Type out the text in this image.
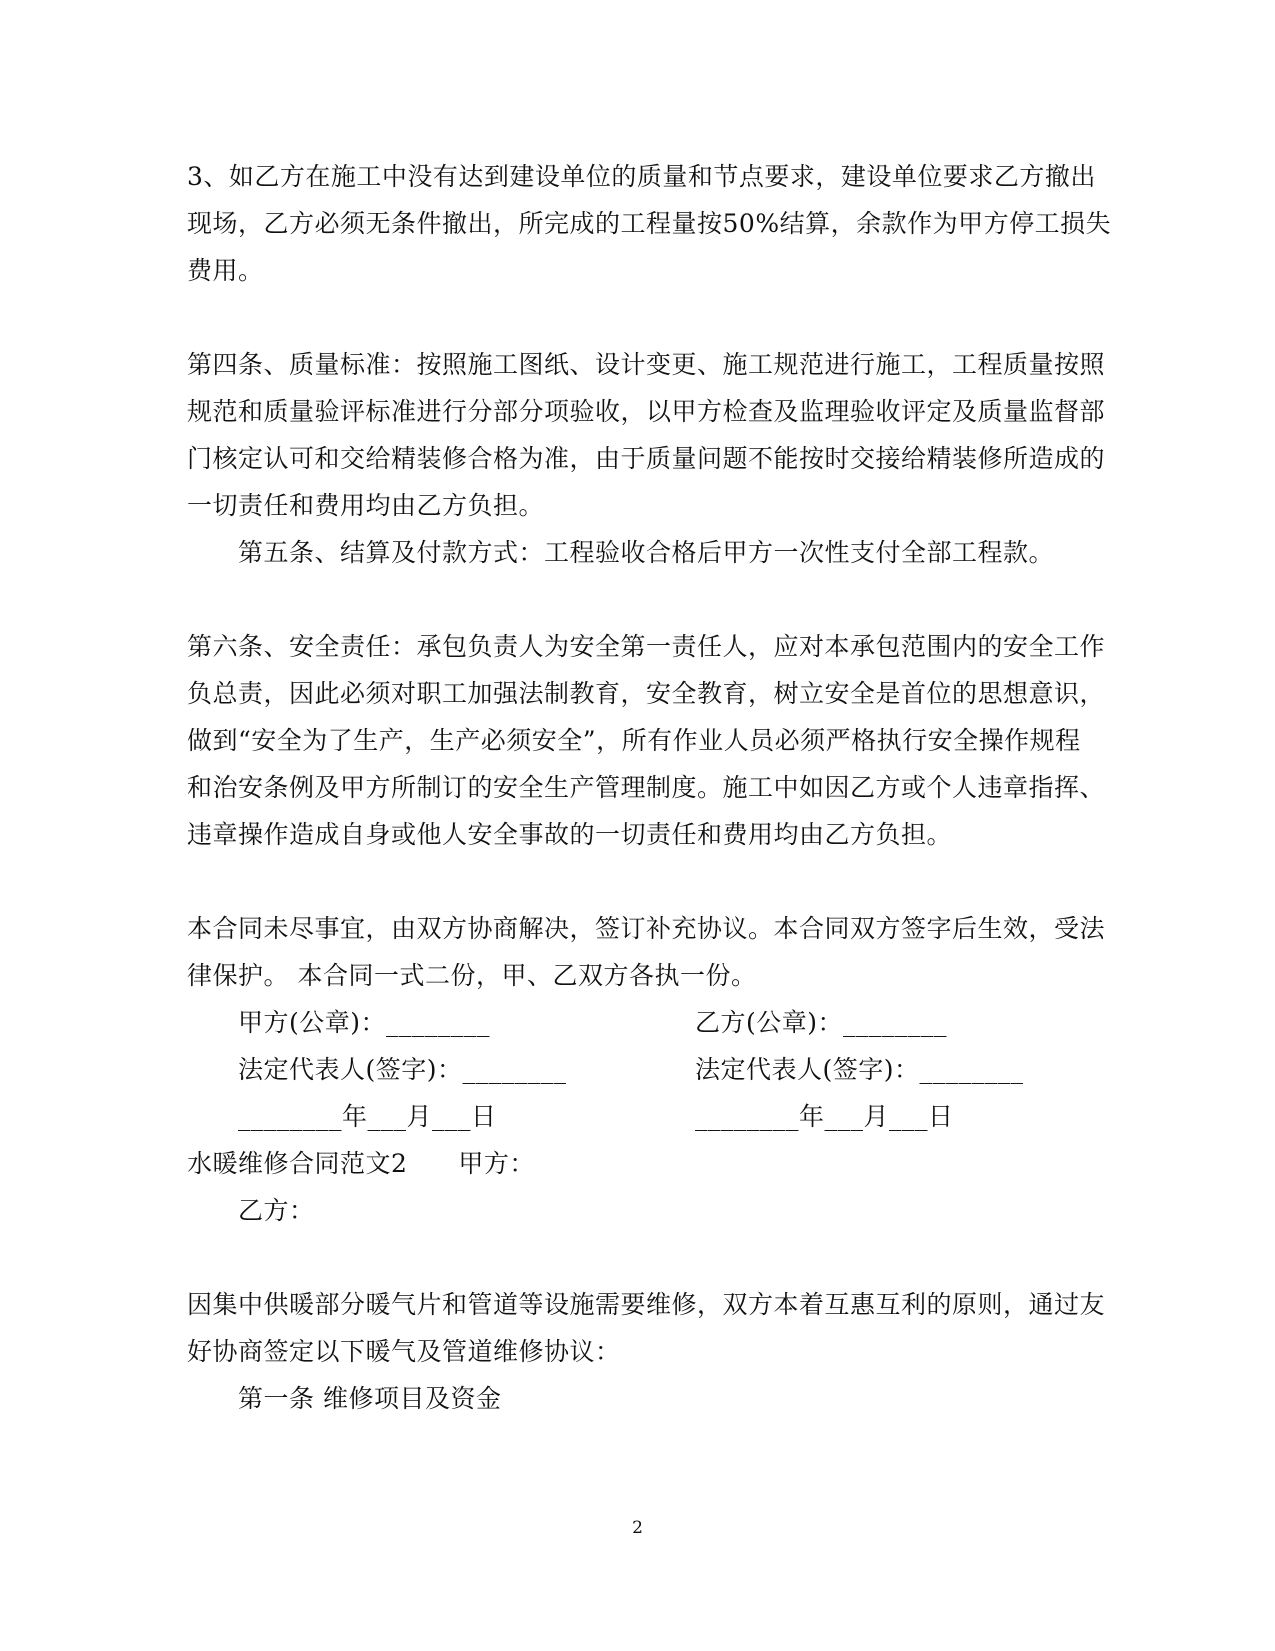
3、如乙方在施工中没有达到建设单位的质量和节点要求，建设单位要求乙方撤出
现场，乙方必须无条件撤出，所完成的工程量按50%结算，余款作为甲方停工损失
费用。
第四条、质量标准：按照施工图纸、设计变更、施工规范进行施工，工程质量按照
规范和质量验评标准进行分部分项验收，以甲方检查及监理验收评定及质量监督部
门核定认可和交给精装修合格为准，由于质量问题不能按时交接给精装修所造成的
一切责任和费用均由乙方负担。
第五条、结算及付款方式：工程验收合格后甲方一次性支付全部工程款。
第六条、安全责任：承包负责人为安全第一责任人，应对本承包范围内的安全工作
负总责，因此必须对职工加强法制教育，安全教育，树立安全是首位的思想意识，
做到“安全为了生产，生产必须安全”，所有作业人员必须严格执行安全操作规程
和治安条例及甲方所制订的安全生产管理制度。施工中如因乙方或个人违章指挥、
违章操作造成自身或他人安全事故的一切责任和费用均由乙方负担。
本合同未尽事宜，由双方协商解决，签订补充协议。本合同双方签字后生效，受法
律保护。 本合同一式二份，甲、乙双方各执一份。
甲方(公章)：________	乙方(公章)：________
法定代表人(签字)：________	法定代表人(签字)：________
________年___月___日	________年___月___日
水暖维修合同范文2　　甲方：
乙方：
因集中供暖部分暖气片和管道等设施需要维修，双方本着互惠互利的原则，通过友
好协商签定以下暖气及管道维修协议：
第一条 维修项目及资金
2
